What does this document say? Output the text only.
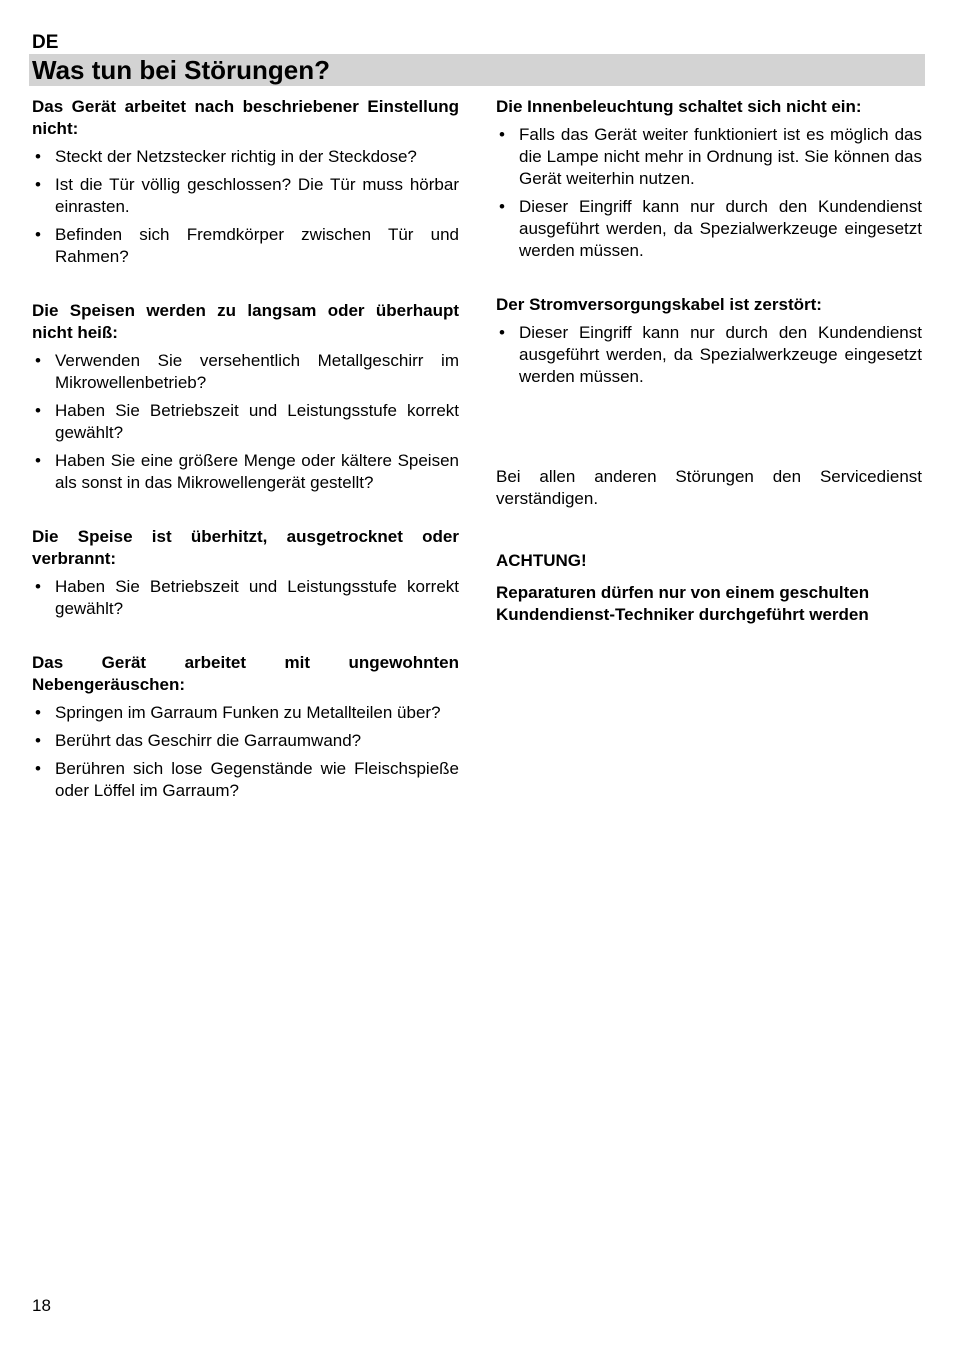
DE
Was tun bei Störungen?

Das Gerät arbeitet nach beschriebener Einstellung nicht:

• Steckt der Netzstecker richtig in der Steckdose?
• Ist die Tür völlig geschlossen? Die Tür muss hörbar einrasten.
• Befinden sich Fremdkörper zwischen Tür und Rahmen?

Die Speisen werden zu langsam oder überhaupt nicht heiß:

• Verwenden Sie versehentlich Metallgeschirr im Mikrowellenbetrieb?
• Haben Sie Betriebszeit und Leistungsstufe korrekt gewählt?
• Haben Sie eine größere Menge oder kältere Speisen als sonst in das Mikrowellengerät gestellt?

Die Speise ist überhitzt, ausgetrocknet oder verbrannt:

• Haben Sie Betriebszeit und Leistungsstufe korrekt gewählt?

Das Gerät arbeitet mit ungewohnten Nebengeräuschen:

• Springen im Garraum Funken zu Metallteilen über?
• Berührt das Geschirr die Garraumwand?
• Berühren sich lose Gegenstände wie Fleischspieße oder Löffel im Garraum?

Die Innenbeleuchtung schaltet sich nicht ein:

• Falls das Gerät weiter funktioniert ist es möglich das die Lampe nicht mehr in Ordnung ist. Sie können das Gerät weiterhin nutzen.
• Dieser Eingriff kann nur durch den Kundendienst ausgeführt werden, da Spezialwerkzeuge eingesetzt werden müssen.

Der Stromversorgungskabel ist zerstört:

• Dieser Eingriff kann nur durch den Kundendienst ausgeführt werden, da Spezialwerkzeuge eingesetzt werden müssen.

Bei allen anderen Störungen den Servicedienst verständigen.

ACHTUNG!

Reparaturen dürfen nur von einem geschulten Kundendienst-Techniker durchgeführt werden

18
